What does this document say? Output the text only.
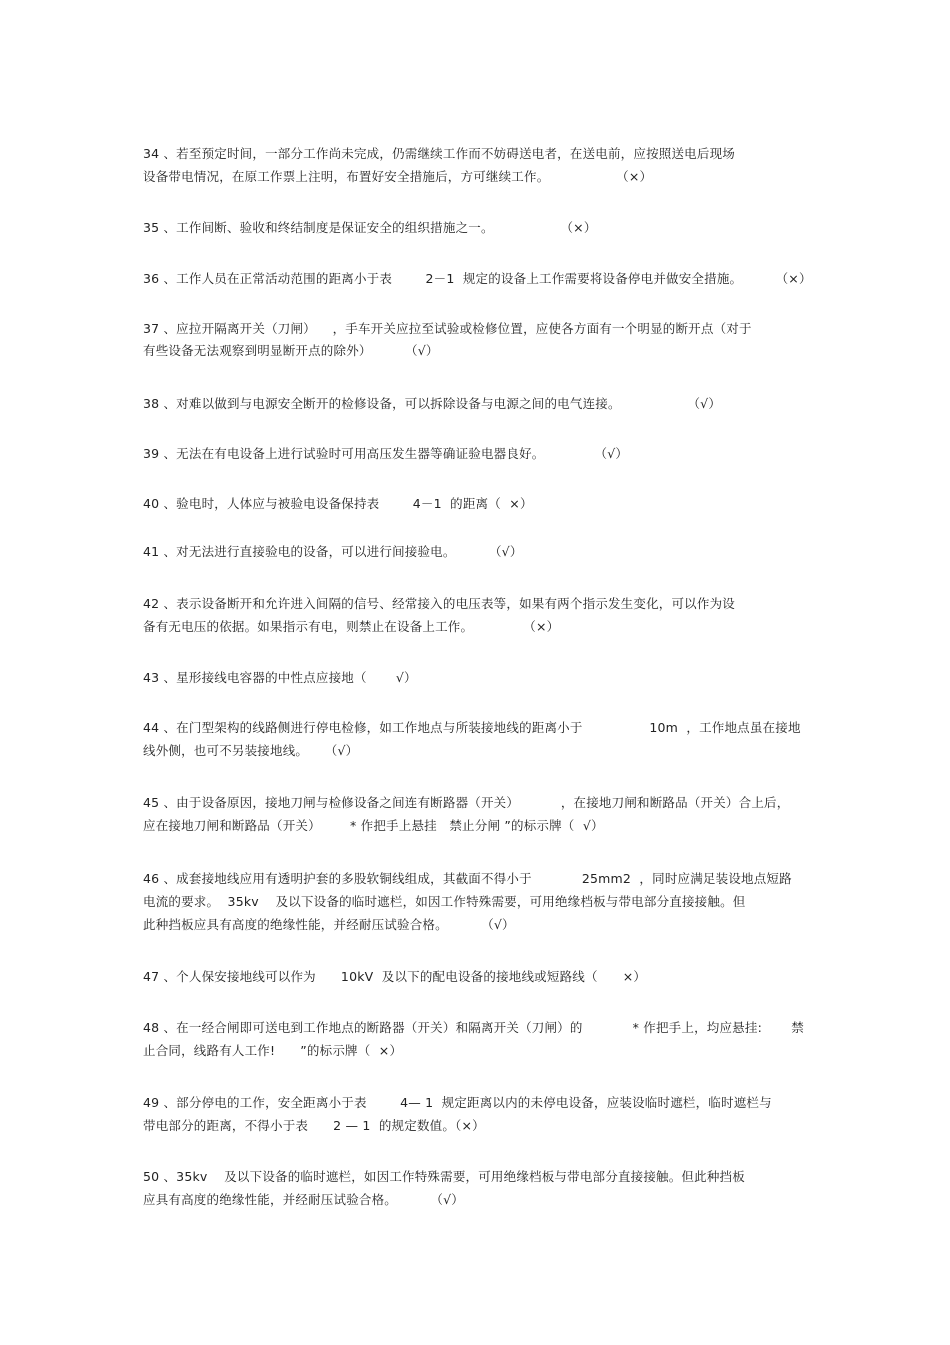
34 、若至预定时间，一部分工作尚未完成，仍需继续工作而不妨碍送电者，在送电前，应按照送电后现场
设备带电情况，在原工作票上注明，布置好安全措施后，方可继续工作。                （×）
35 、工作间断、验收和终结制度是保证安全的组织措施之一。                （×）
36 、工作人员在正常活动范围的距离小于表        2－1  规定的设备上工作需要将设备停电并做安全措施。        （×）
37 、应拉开隔离开关（刀闸）    ，手车开关应拉至试验或检修位置，应使各方面有一个明显的断开点（对于
有些设备无法观察到明显断开点的除外）        （√）
38 、对难以做到与电源安全断开的检修设备，可以拆除设备与电源之间的电气连接。                （√）
39 、无法在有电设备上进行试验时可用高压发生器等确证验电器良好。            （√）
40 、验电时，人体应与被验电设备保持表        4－1  的距离（  ×）
41 、对无法进行直接验电的设备，可以进行间接验电。        （√）
42 、表示设备断开和允许进入间隔的信号、经常接入的电压表等，如果有两个指示发生变化，可以作为设
备有无电压的依据。如果指示有电，则禁止在设备上工作。            （×）
43 、星形接线电容器的中性点应接地（       √）
44 、在门型架构的线路侧进行停电检修，如工作地点与所装接地线的距离小于                10m  ，工作地点虽在接地
线外侧，也可不另装接地线。    （√）
45 、由于设备原因，接地刀闸与检修设备之间连有断路器（开关）          ，在接地刀闸和断路品（开关）合上后，
应在接地刀闸和断路品（开关）       * 作把手上悬挂   禁止分闸 ”的标示牌（  √）
46 、成套接地线应用有透明护套的多股软铜线组成，其截面不得小于            25mm2  ，同时应满足装设地点短路
电流的要求。  35kv    及以下设备的临时遮栏，如因工作特殊需要，可用绝缘档板与带电部分直接接触。但
此种挡板应具有高度的绝缘性能，并经耐压试验合格。        （√）
47 、个人保安接地线可以作为      10kV  及以下的配电设备的接地线或短路线（      ×）
48 、在一经合闸即可送电到工作地点的断路器（开关）和隔离开关（刀闸）的            * 作把手上，均应悬挂:       禁
止合同，线路有人工作!      ”的标示牌（  ×）
49 、部分停电的工作，安全距离小于表        4— 1  规定距离以内的未停电设备，应装设临时遮栏，临时遮栏与
带电部分的距离，不得小于表      2 — 1  的规定数值。（×）
50 、35kv    及以下设备的临时遮栏，如因工作特殊需要，可用绝缘档板与带电部分直接接触。但此种挡板
应具有高度的绝缘性能，并经耐压试验合格。        （√）
